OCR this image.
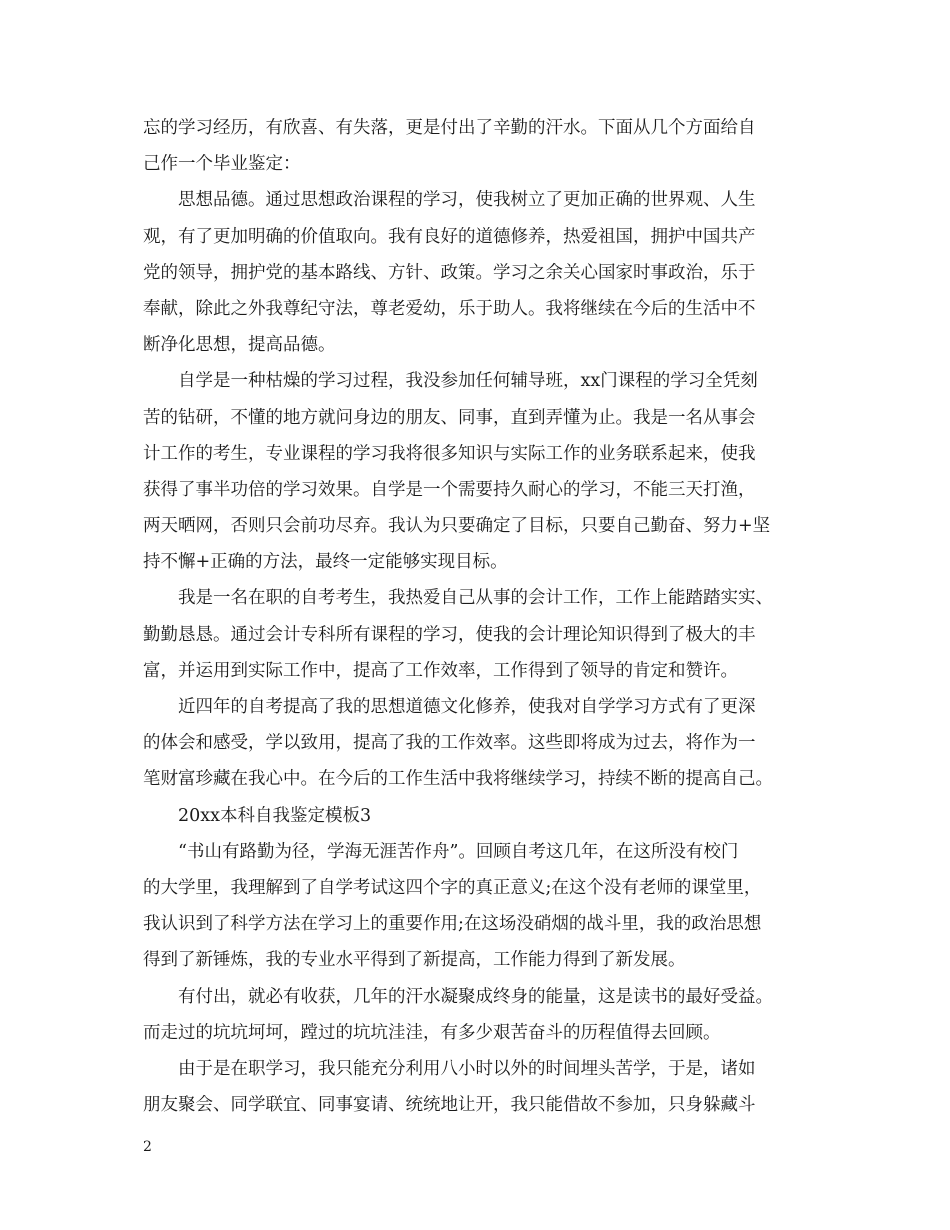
忘的学习经历，有欣喜、有失落，更是付出了辛勤的汗水。下面从几个方面给自
己作一个毕业鉴定：
思想品德。通过思想政治课程的学习，使我树立了更加正确的世界观、人生
观，有了更加明确的价值取向。我有良好的道德修养，热爱祖国，拥护中国共产
党的领导，拥护党的基本路线、方针、政策。学习之余关心国家时事政治，乐于
奉献，除此之外我尊纪守法，尊老爱幼，乐于助人。我将继续在今后的生活中不
断净化思想，提高品德。
自学是一种枯燥的学习过程，我没参加任何辅导班，xx门课程的学习全凭刻
苦的钻研，不懂的地方就问身边的朋友、同事，直到弄懂为止。我是一名从事会
计工作的考生，专业课程的学习我将很多知识与实际工作的业务联系起来，使我
获得了事半功倍的学习效果。自学是一个需要持久耐心的学习，不能三天打渔，
两天晒网，否则只会前功尽弃。我认为只要确定了目标，只要自己勤奋、努力+坚
持不懈+正确的方法，最终一定能够实现目标。
我是一名在职的自考考生，我热爱自己从事的会计工作，工作上能踏踏实实、
勤勤恳恳。通过会计专科所有课程的学习，使我的会计理论知识得到了极大的丰
富，并运用到实际工作中，提高了工作效率，工作得到了领导的肯定和赞许。
近四年的自考提高了我的思想道德文化修养，使我对自学学习方式有了更深
的体会和感受，学以致用，提高了我的工作效率。这些即将成为过去，将作为一
笔财富珍藏在我心中。在今后的工作生活中我将继续学习，持续不断的提高自己。
20xx本科自我鉴定模板3
“书山有路勤为径，学海无涯苦作舟”。回顾自考这几年，在这所没有校门
的大学里，我理解到了自学考试这四个字的真正意义;在这个没有老师的课堂里，
我认识到了科学方法在学习上的重要作用;在这场没硝烟的战斗里，我的政治思想
得到了新锤炼，我的专业水平得到了新提高，工作能力得到了新发展。
有付出，就必有收获，几年的汗水凝聚成终身的能量，这是读书的最好受益。
而走过的坑坑坷坷，蹚过的坑坑洼洼，有多少艰苦奋斗的历程值得去回顾。
由于是在职学习，我只能充分利用八小时以外的时间埋头苦学，于是，诸如
朋友聚会、同学联宜、同事宴请、统统地让开，我只能借故不参加，只身躲藏斗
2
